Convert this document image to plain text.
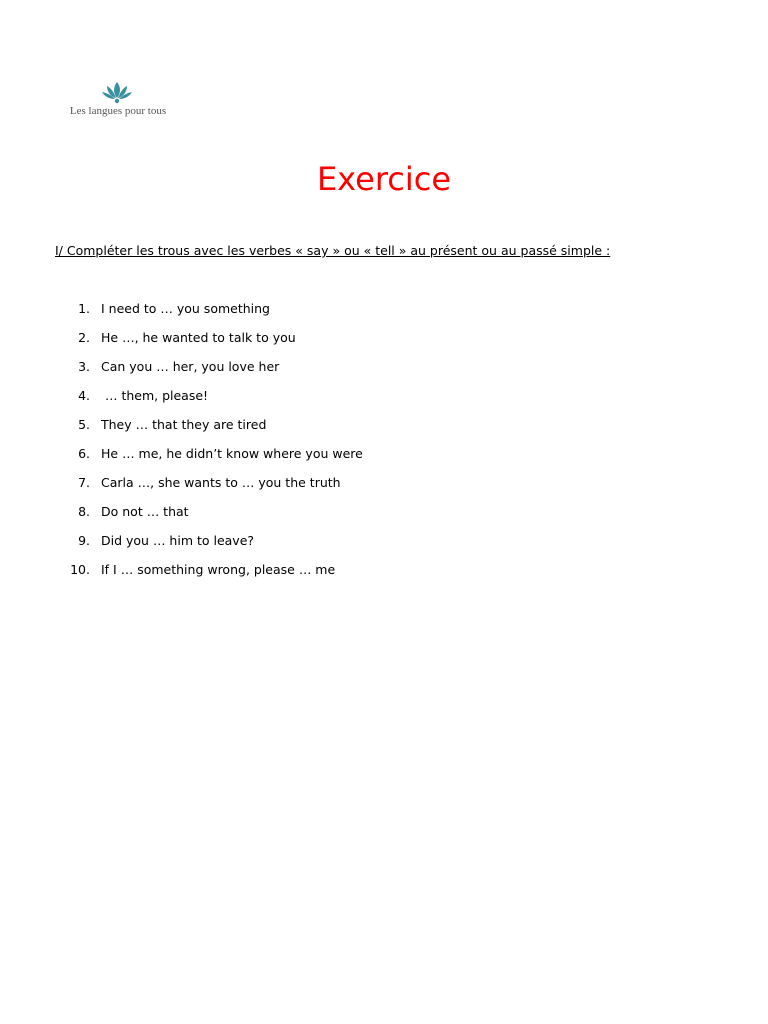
Les langues pour tous
Exercice
I/ Compléter les trous avec les verbes « say » ou « tell » au présent ou au passé simple :
1. I need to … you something
2. He …, he wanted to talk to you
3. Can you … her, you love her
4. … them, please!
5. They … that they are tired
6. He … me, he didn’t know where you were
7. Carla …, she wants to … you the truth
8. Do not … that
9. Did you … him to leave?
10. If I … something wrong, please … me
